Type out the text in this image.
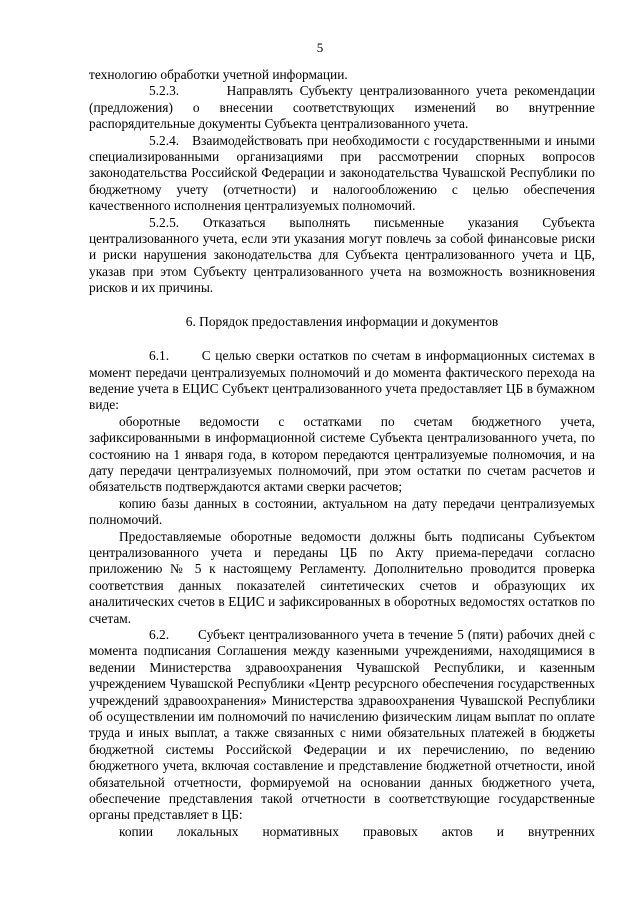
5

технологию обработки учетной информации.

5.2.3.	Направлять Субъекту централизованного учета рекомендации (предложения) о внесении соответствующих изменений во внутренние распорядительные документы Субъекта централизованного учета.

5.2.4. Взаимодействовать при необходимости с государственными и иными специализированными организациями при рассмотрении спорных вопросов законодательства Российской Федерации и законодательства Чувашской Республики по бюджетному учету (отчетности) и налогообложению с целью обеспечения качественного исполнения централизуемых полномочий.

5.2.5. Отказаться выполнять письменные указания Субъекта централизованного учета, если эти указания могут повлечь за собой финансовые риски и риски нарушения законодательства для Субъекта централизованного учета и ЦБ, указав при этом Субъекту централизованного учета на возможность возникновения рисков и их причины.

6. Порядок предоставления информации и документов

6.1. С целью сверки остатков по счетам в информационных системах в момент передачи централизуемых полномочий и до момента фактического перехода на ведение учета в ЕЦИС Субъект централизованного учета предоставляет ЦБ в бумажном виде:

оборотные ведомости с остатками по счетам бюджетного учета, зафиксированными в информационной системе Субъекта централизованного учета, по состоянию на 1 января года, в котором передаются централизуемые полномочия, и на дату передачи централизуемых полномочий, при этом остатки по счетам расчетов и обязательств подтверждаются актами сверки расчетов;

копию базы данных в состоянии, актуальном на дату передачи централизуемых полномочий.

Предоставляемые оборотные ведомости должны быть подписаны Субъектом централизованного учета и переданы ЦБ по Акту приема-передачи согласно приложению № 5 к настоящему Регламенту. Дополнительно проводится проверка соответствия данных показателей синтетических счетов и образующих их аналитических счетов в ЕЦИС и зафиксированных в оборотных ведомостях остатков по счетам.

6.2. Субъект централизованного учета в течение 5 (пяти) рабочих дней с момента подписания Соглашения между казенными учреждениями, находящимися в ведении Министерства здравоохранения Чувашской Республики, и казенным учреждением Чувашской Республики «Центр ресурсного обеспечения государственных учреждений здравоохранения» Министерства здравоохранения Чувашской Республики об осуществлении им полномочий по начислению физическим лицам выплат по оплате труда и иных выплат, а также связанных с ними обязательных платежей в бюджеты бюджетной системы Российской Федерации и их перечислению, по ведению бюджетного учета, включая составление и представление бюджетной отчетности, иной обязательной отчетности, формируемой на основании данных бюджетного учета, обеспечение представления такой отчетности в соответствующие государственные органы представляет в ЦБ:

копии локальных нормативных правовых актов и внутренних
